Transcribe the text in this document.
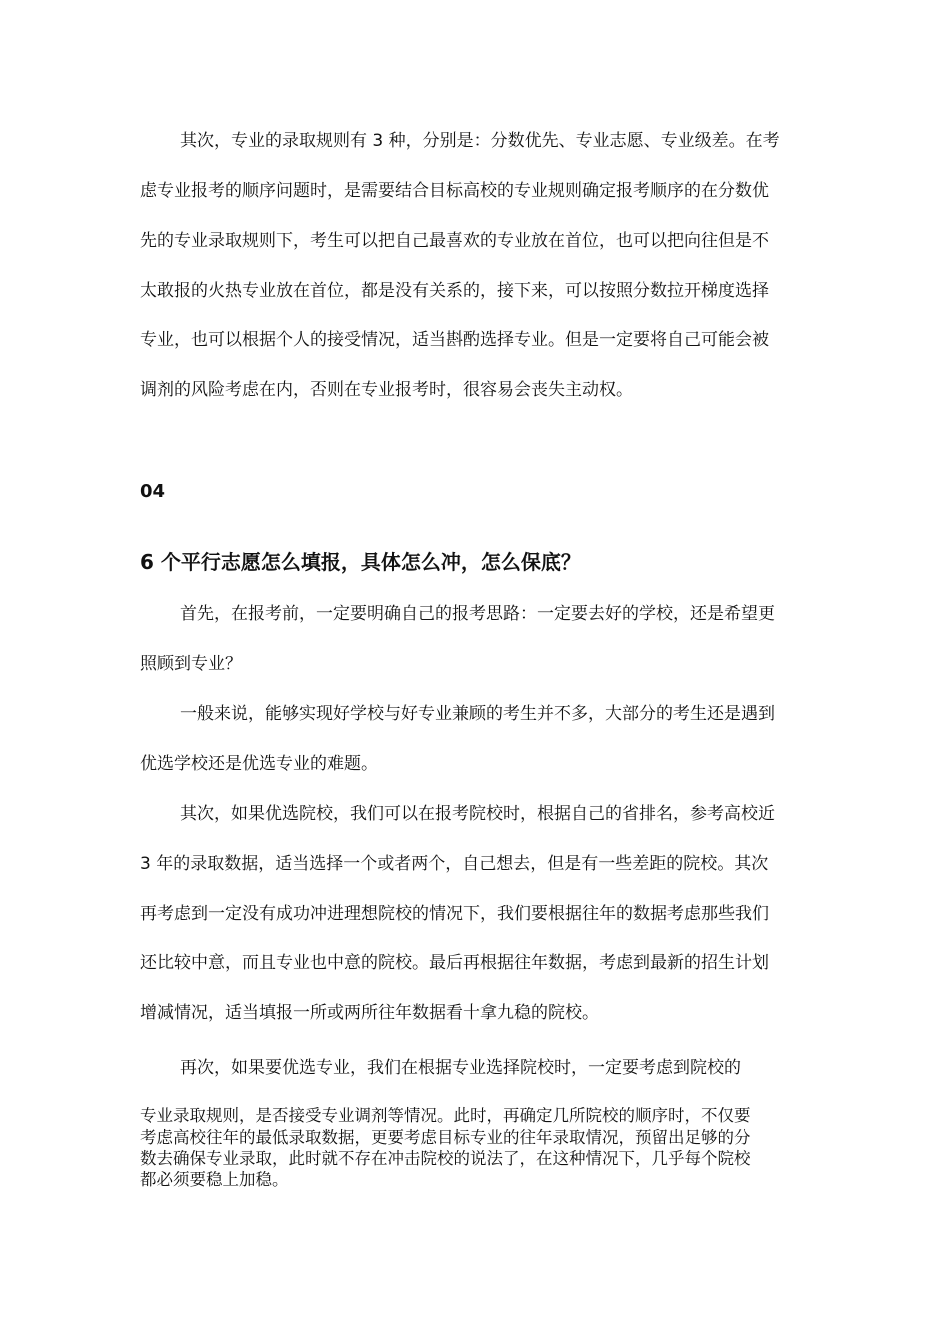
其次，专业的录取规则有 3 种，分别是：分数优先、专业志愿、专业级差。在考
虑专业报考的顺序问题时，是需要结合目标高校的专业规则确定报考顺序的在分数优
先的专业录取规则下，考生可以把自己最喜欢的专业放在首位，也可以把向往但是不
太敢报的火热专业放在首位，都是没有关系的，接下来，可以按照分数拉开梯度选择
专业，也可以根据个人的接受情况，适当斟酌选择专业。但是一定要将自己可能会被
调剂的风险考虑在内，否则在专业报考时，很容易会丧失主动权。
04
6 个平行志愿怎么填报，具体怎么冲，怎么保底？
首先，在报考前，一定要明确自己的报考思路：一定要去好的学校，还是希望更
照顾到专业？
一般来说，能够实现好学校与好专业兼顾的考生并不多，大部分的考生还是遇到
优选学校还是优选专业的难题。
其次，如果优选院校，我们可以在报考院校时，根据自己的省排名，参考高校近
3 年的录取数据，适当选择一个或者两个，自己想去，但是有一些差距的院校。其次
再考虑到一定没有成功冲进理想院校的情况下，我们要根据往年的数据考虑那些我们
还比较中意，而且专业也中意的院校。最后再根据往年数据，考虑到最新的招生计划
增减情况，适当填报一所或两所往年数据看十拿九稳的院校。
再次，如果要优选专业，我们在根据专业选择院校时，一定要考虑到院校的
专业录取规则，是否接受专业调剂等情况。此时，再确定几所院校的顺序时，不仅要
考虑高校往年的最低录取数据，更要考虑目标专业的往年录取情况，预留出足够的分
数去确保专业录取，此时就不存在冲击院校的说法了，在这种情况下，几乎每个院校
都必须要稳上加稳。
